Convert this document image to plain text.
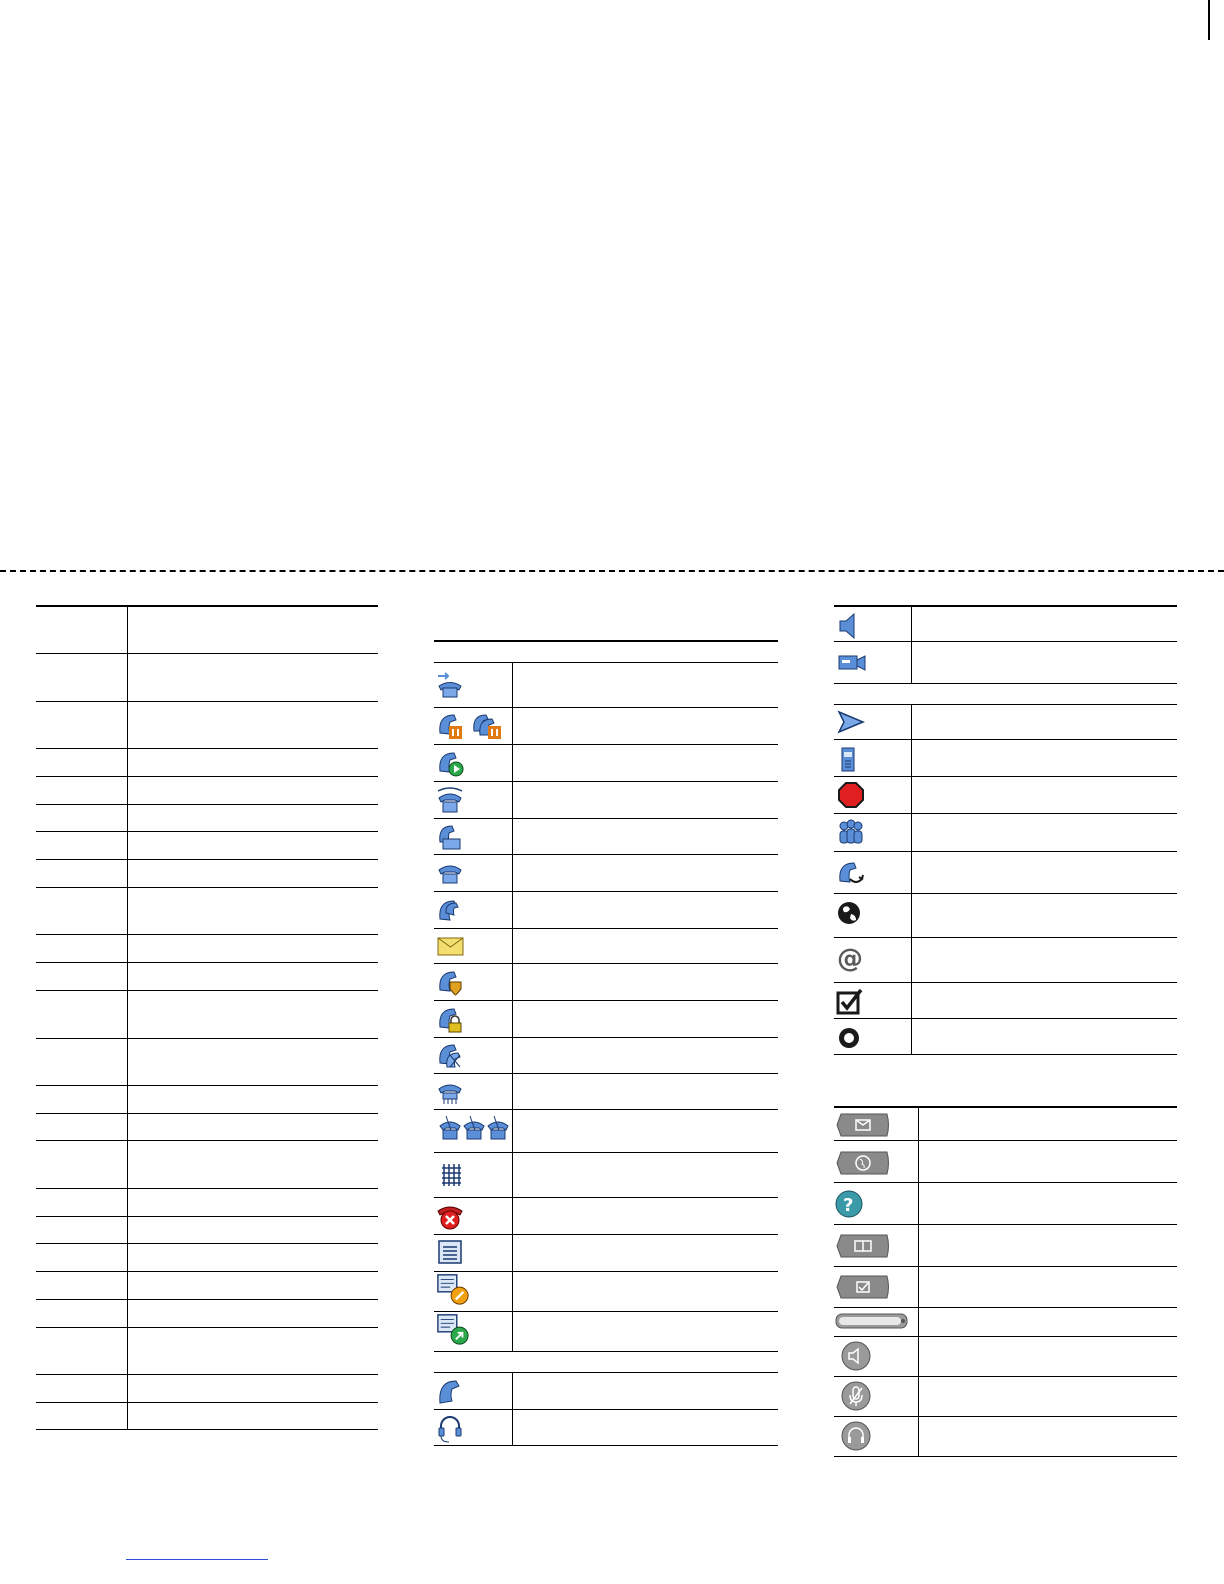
@
?
